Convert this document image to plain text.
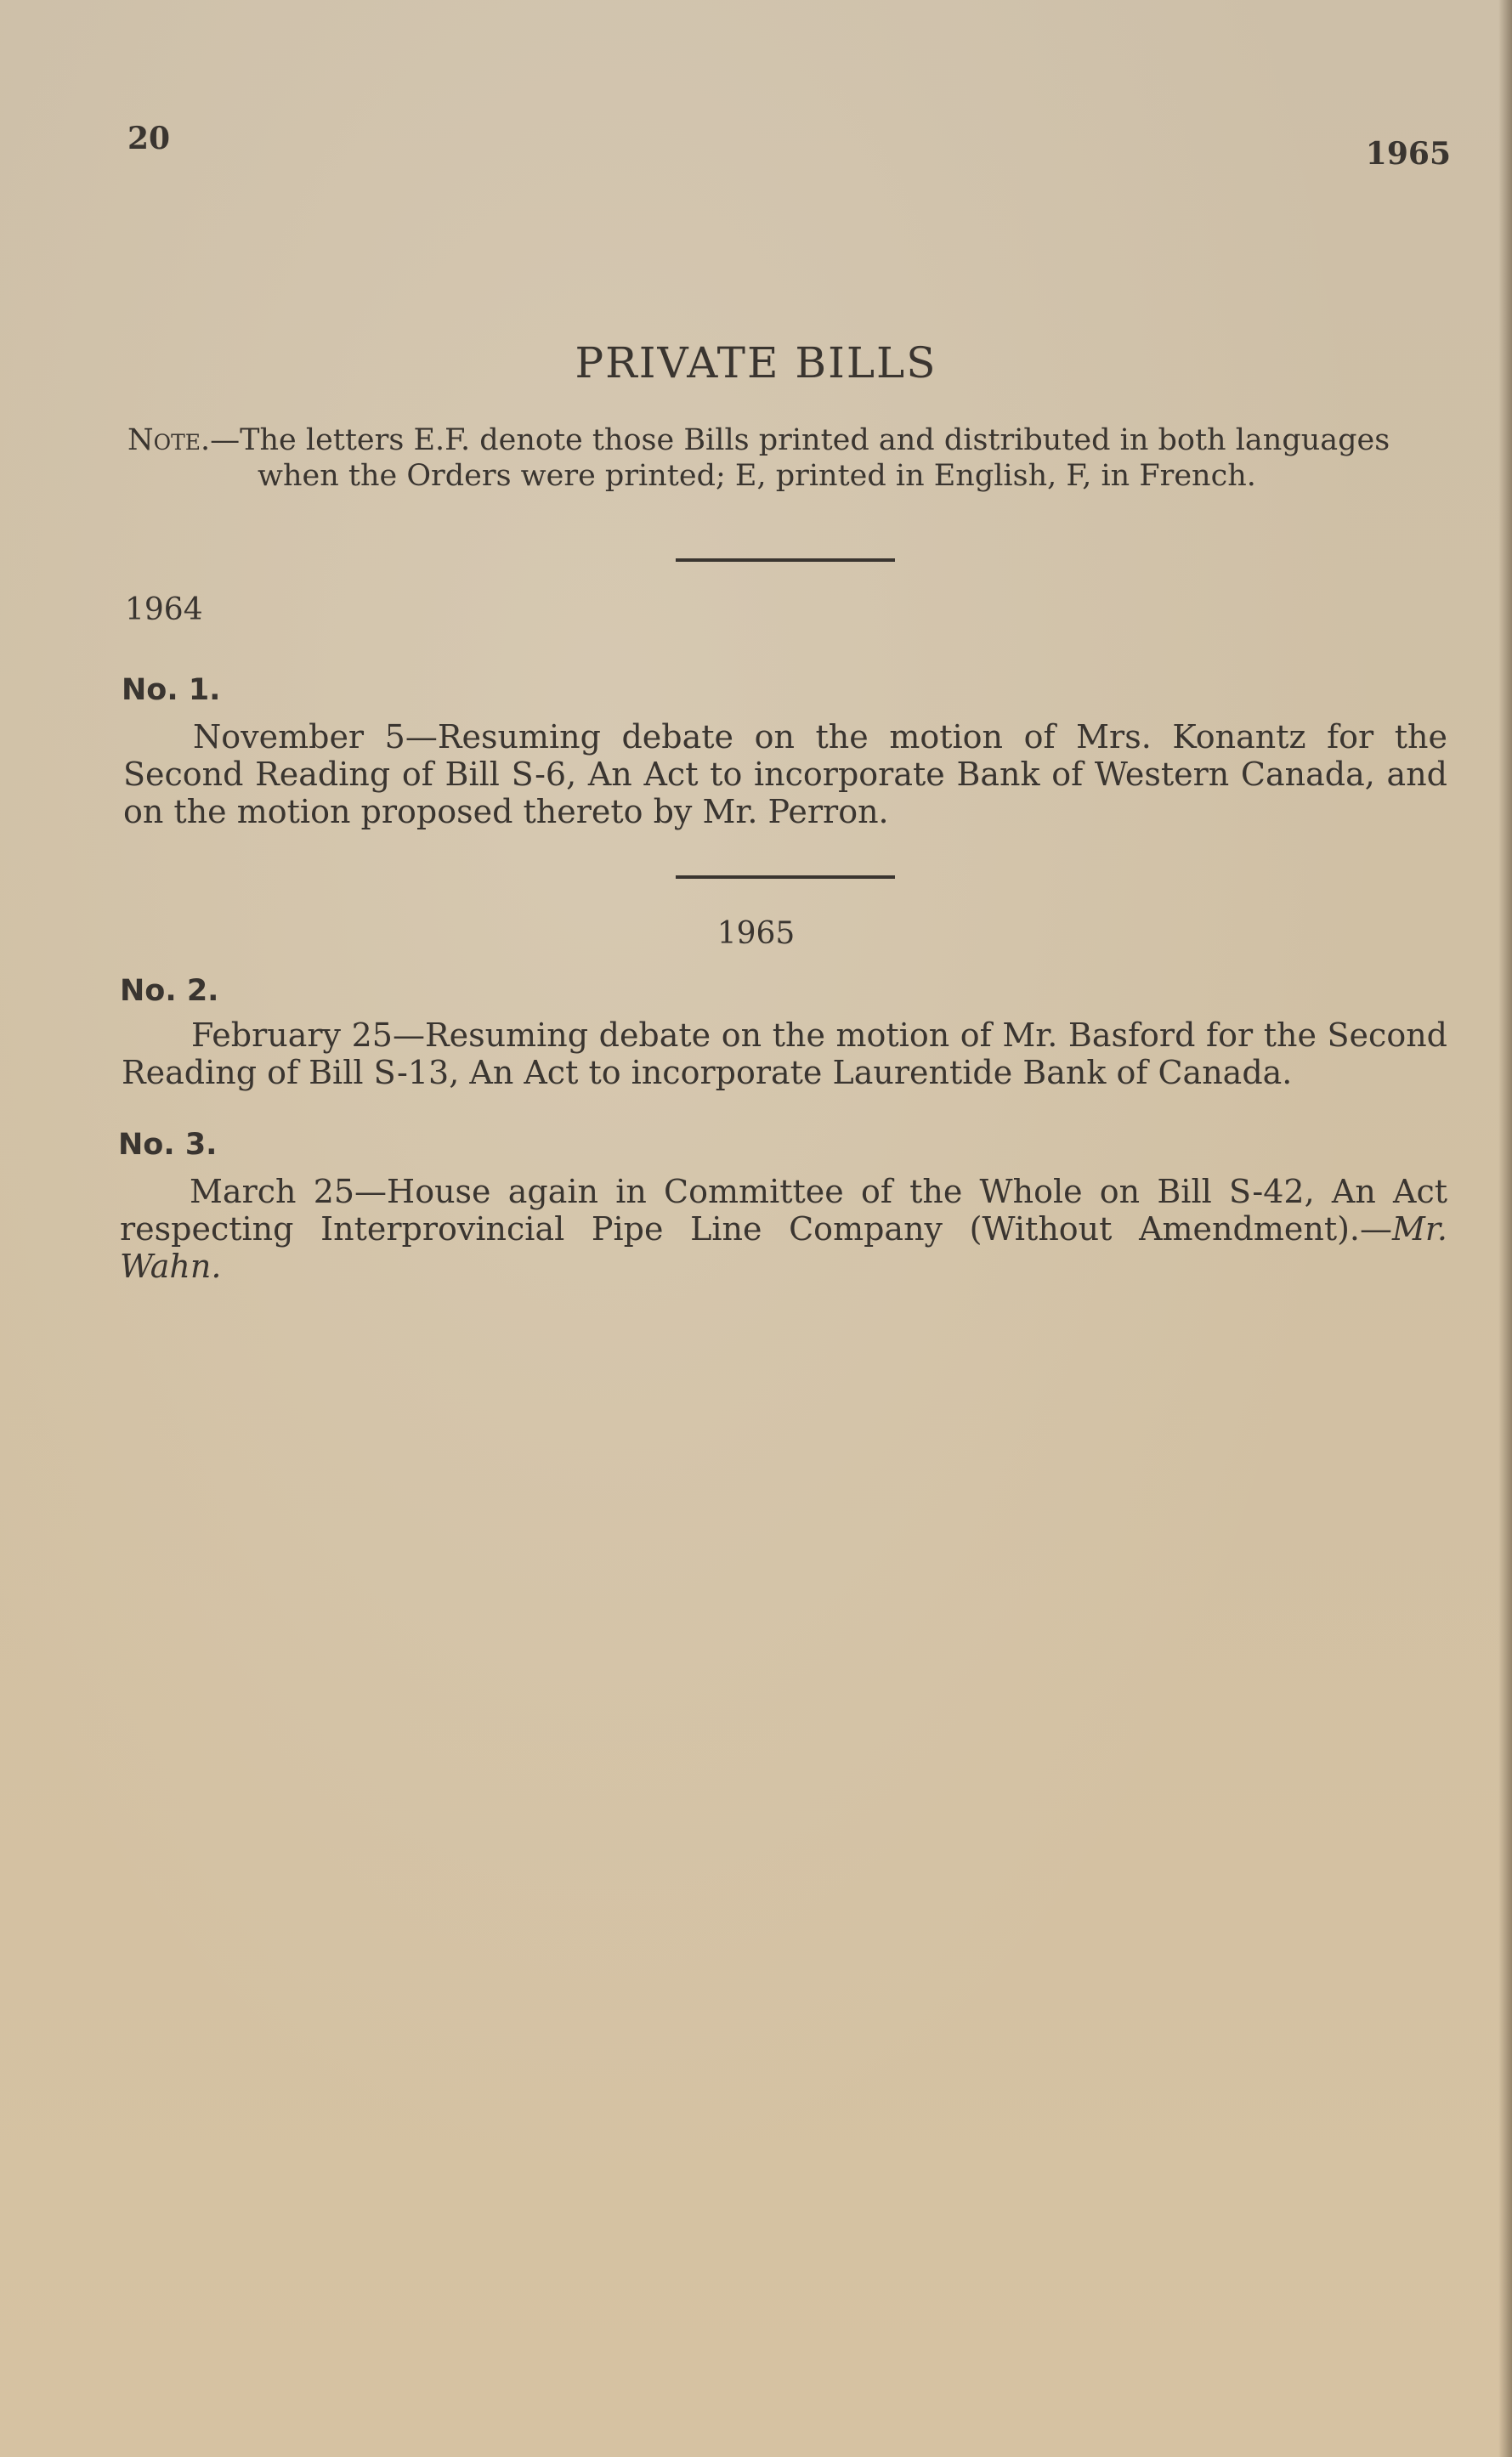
20	1965
PRIVATE BILLS
Note.—The letters E.F. denote those Bills printed and distributed in both languages
when the Orders were printed; E, printed in English, F, in French.
1964
No. 1.
November 5—Resuming debate on the motion of Mrs. Konantz for the Second Reading of Bill S-6, An Act to incorporate Bank of Western Canada, and on the motion proposed thereto by Mr. Perron.
1965
No. 2.
February 25—Resuming debate on the motion of Mr. Basford for the Second Reading of Bill S-13, An Act to incorporate Laurentide Bank of Canada.
No. 3.
March 25—House again in Committee of the Whole on Bill S-42, An Act respecting Interprovincial Pipe Line Company (Without Amendment).—Mr. Wahn.
